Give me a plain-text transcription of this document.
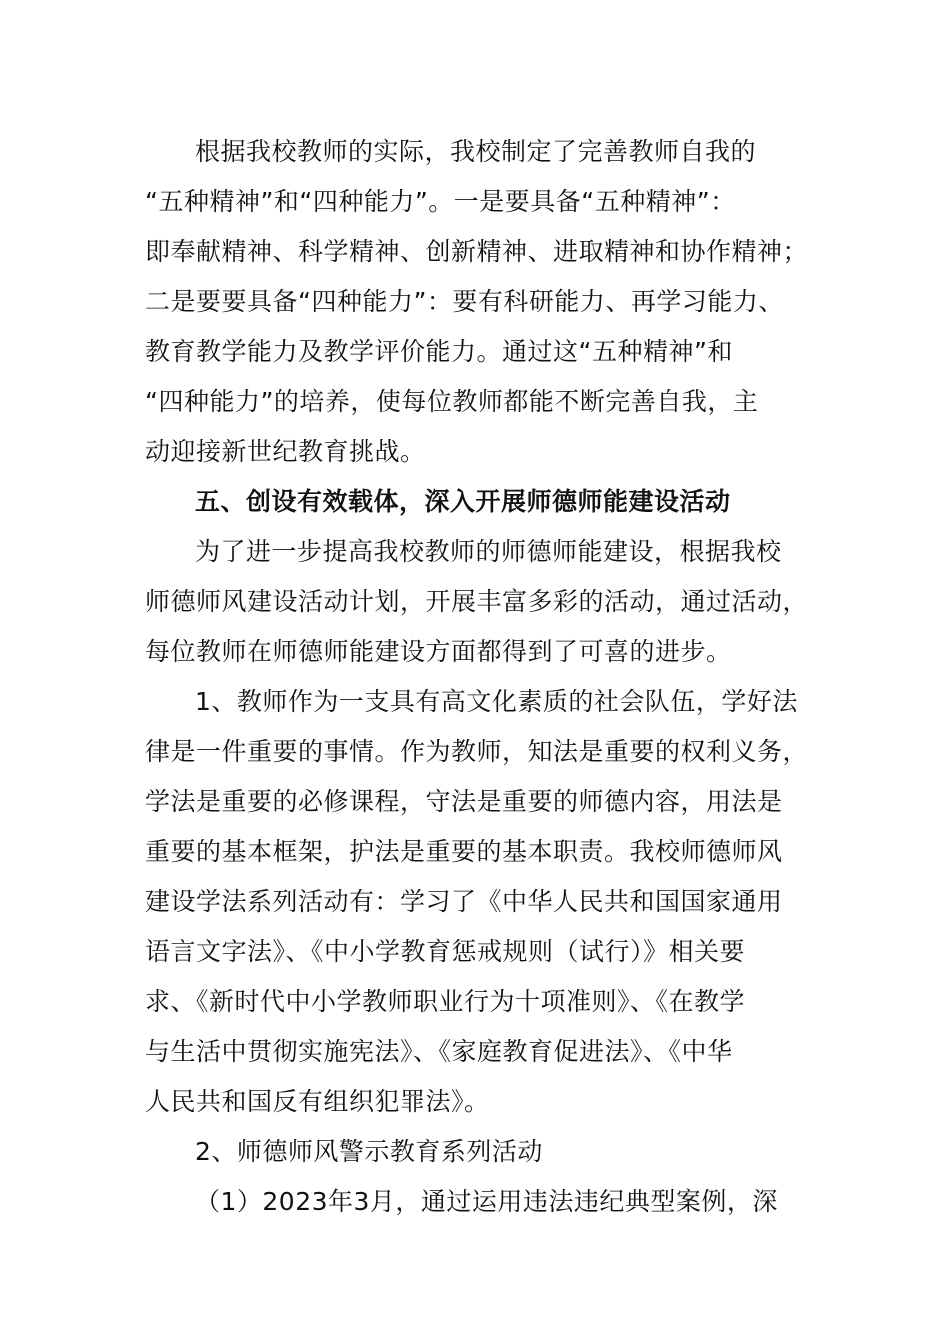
根据我校教师的实际，我校制定了完善教师自我的
“五种精神”和“四种能力”。一是要具备“五种精神”：
即奉献精神、科学精神、创新精神、进取精神和协作精神；
二是要要具备“四种能力”：要有科研能力、再学习能力、
教育教学能力及教学评价能力。通过这“五种精神”和
“四种能力”的培养，使每位教师都能不断完善自我，主
动迎接新世纪教育挑战。
五、创设有效载体，深入开展师德师能建设活动
为了进一步提高我校教师的师德师能建设，根据我校
师德师风建设活动计划，开展丰富多彩的活动，通过活动，
每位教师在师德师能建设方面都得到了可喜的进步。
1、教师作为一支具有高文化素质的社会队伍，学好法
律是一件重要的事情。作为教师，知法是重要的权利义务，
学法是重要的必修课程，守法是重要的师德内容，用法是
重要的基本框架，护法是重要的基本职责。我校师德师风
建设学法系列活动有：学习了《中华人民共和国国家通用
语言文字法》、《中小学教育惩戒规则（试行）》相关要
求、《新时代中小学教师职业行为十项准则》、《在教学
与生活中贯彻实施宪法》、《家庭教育促进法》、《中华
人民共和国反有组织犯罪法》。
2、师德师风警示教育系列活动
（1）2023年3月，通过运用违法违纪典型案例，深
